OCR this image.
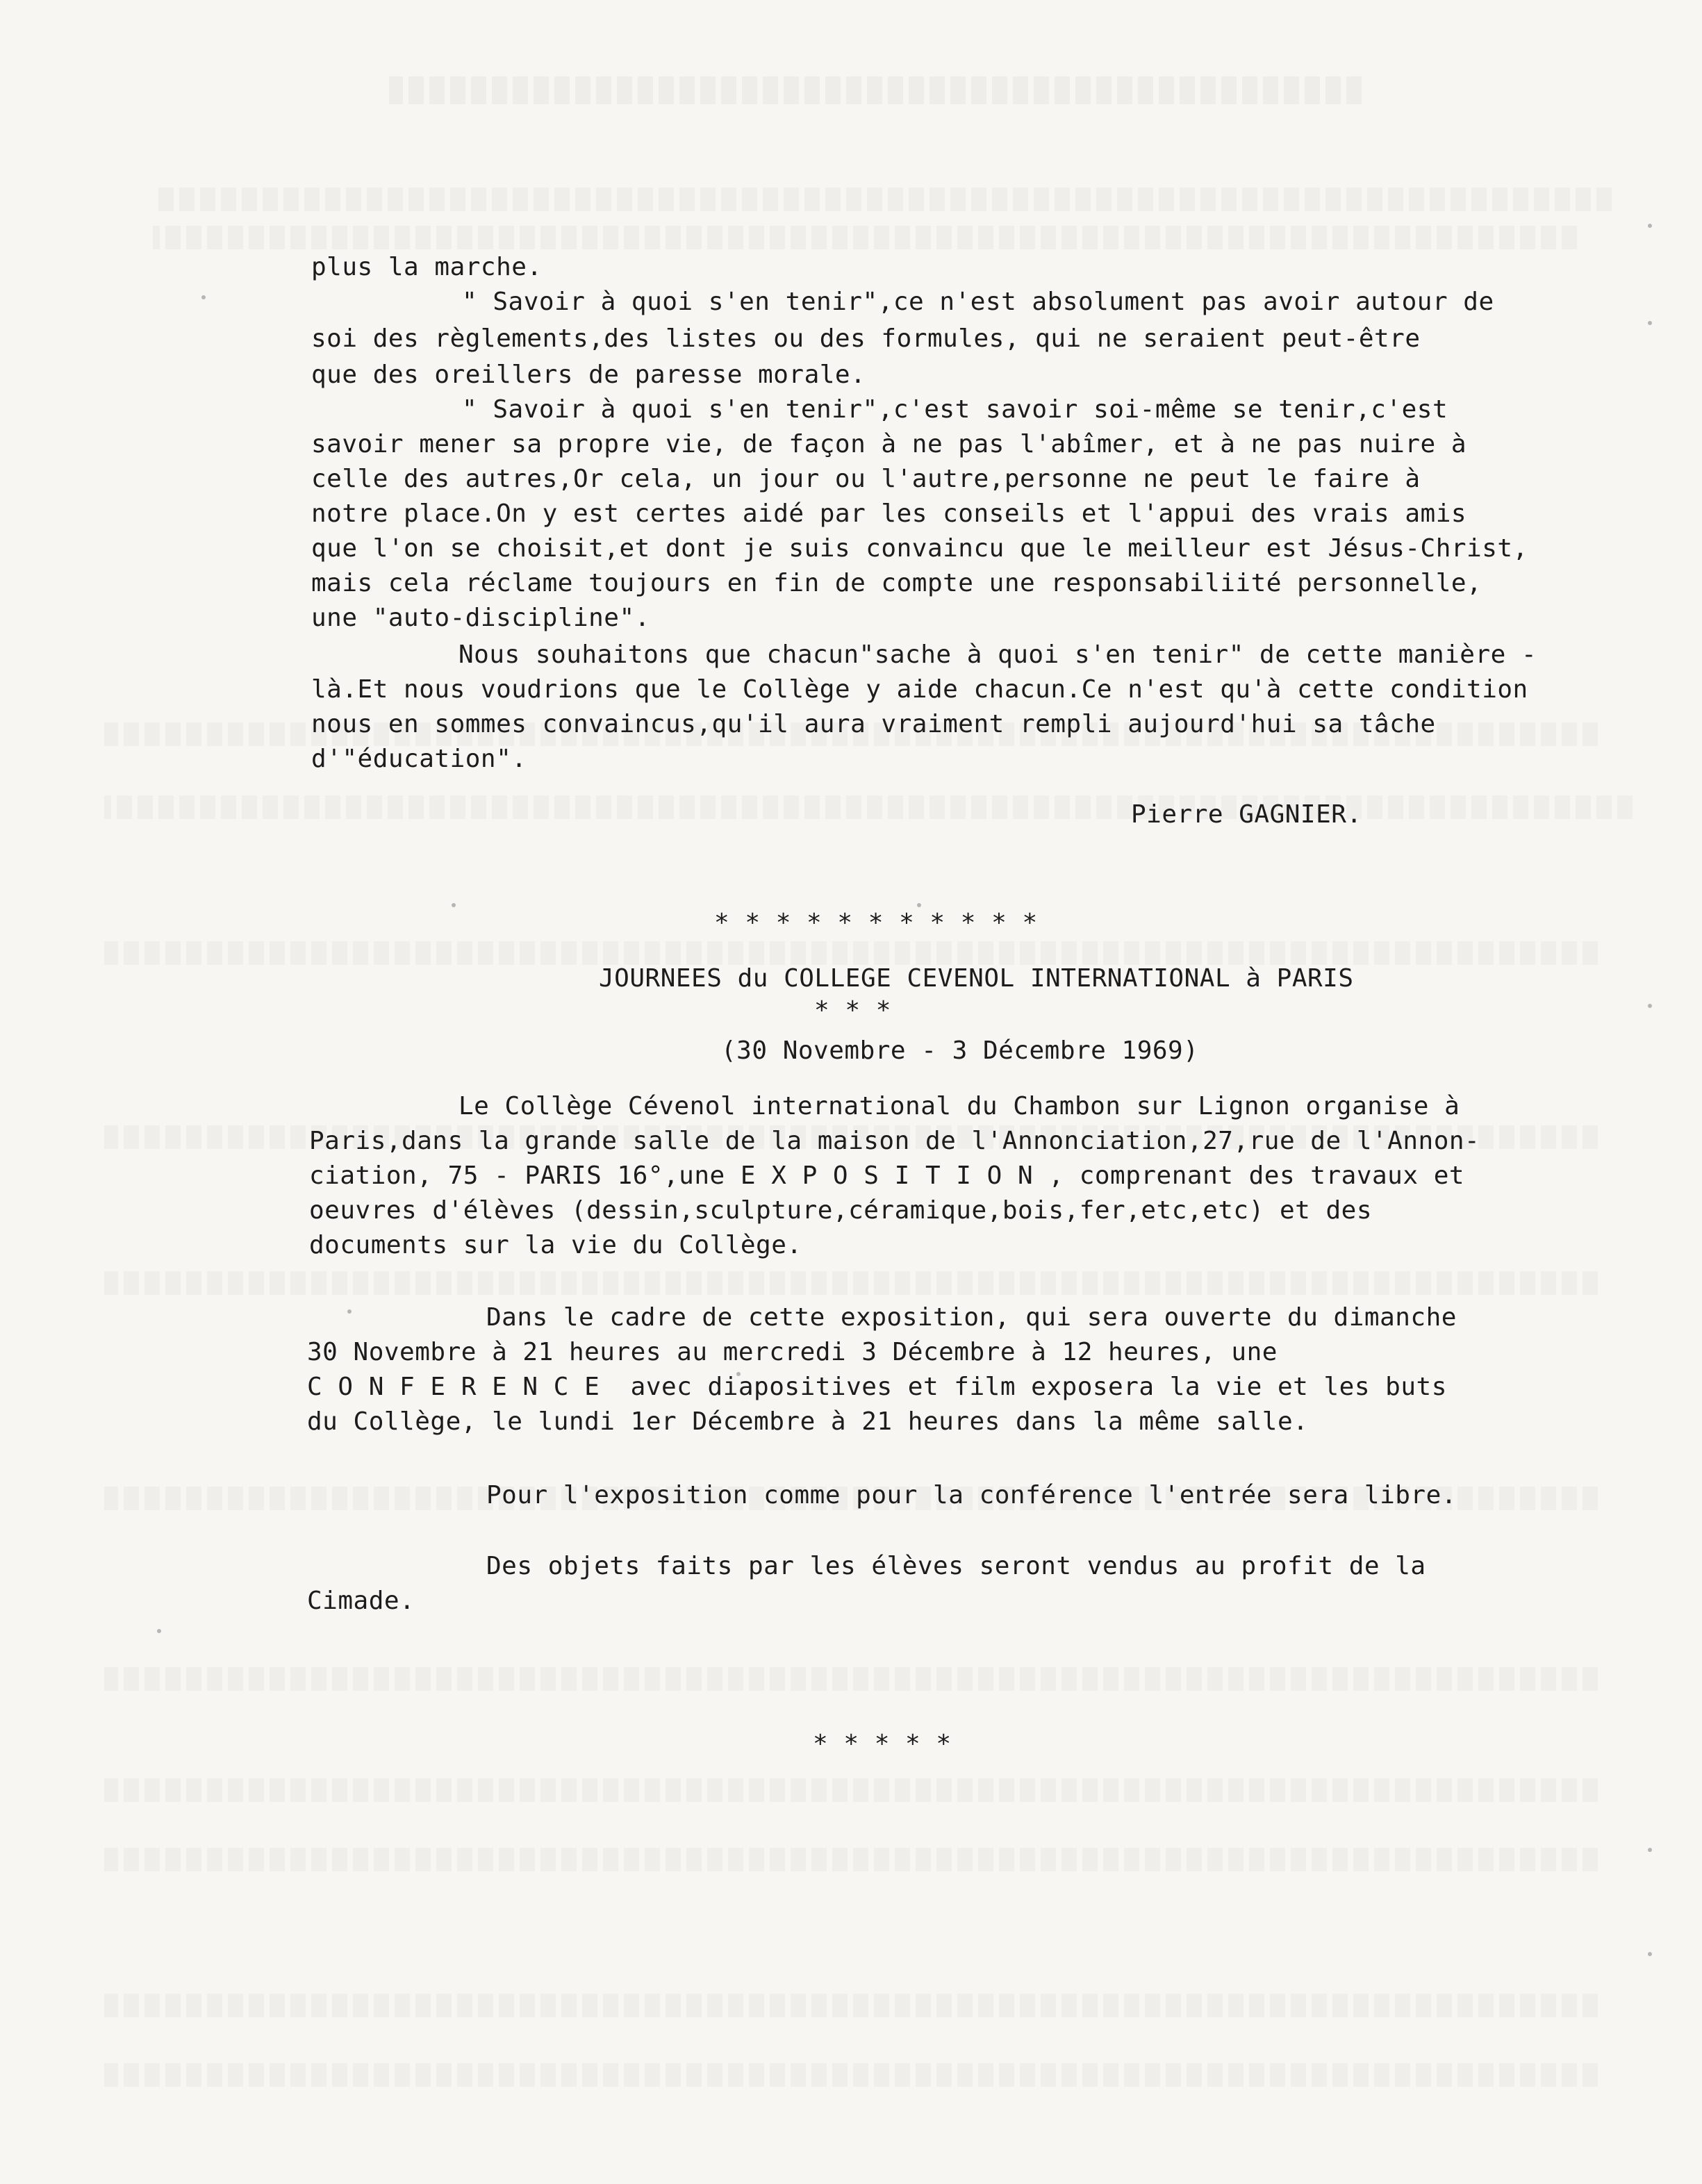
plus la marche.
" Savoir à quoi s'en tenir",ce n'est absolument pas avoir autour de
soi des règlements,des listes ou des formules, qui ne seraient peut-être
que des oreillers de paresse morale.
" Savoir à quoi s'en tenir",c'est savoir soi-même se tenir,c'est
savoir mener sa propre vie, de façon à ne pas l'abîmer, et à ne pas nuire à
celle des autres,Or cela, un jour ou l'autre,personne ne peut le faire à
notre place.On y est certes aidé par les conseils et l'appui des vrais amis
que l'on se choisit,et dont je suis convaincu que le meilleur est Jésus-Christ,
mais cela réclame toujours en fin de compte une responsabiliité personnelle,
une "auto-discipline".
Nous souhaitons que chacun"sache à quoi s'en tenir" de cette manière -
là.Et nous voudrions que le Collège y aide chacun.Ce n'est qu'à cette condition
nous en sommes convaincus,qu'il aura vraiment rempli aujourd'hui sa tâche
d'"éducation".
Pierre GAGNIER.
* * * * * * * * * * *
JOURNEES du COLLEGE CEVENOL INTERNATIONAL à PARIS
* * *
(30 Novembre - 3 Décembre 1969)
Le Collège Cévenol international du Chambon sur Lignon organise à
Paris,dans la grande salle de la maison de l'Annonciation,27,rue de l'Annon-
ciation, 75 - PARIS 16°,une E X P O S I T I O N , comprenant des travaux et
oeuvres d'élèves (dessin,sculpture,céramique,bois,fer,etc,etc) et des
documents sur la vie du Collège.
Dans le cadre de cette exposition, qui sera ouverte du dimanche
30 Novembre à 21 heures au mercredi 3 Décembre à 12 heures, une
C O N F E R E N C E  avec diapositives et film exposera la vie et les buts
du Collège, le lundi 1er Décembre à 21 heures dans la même salle.
Pour l'exposition comme pour la conférence l'entrée sera libre.
Des objets faits par les élèves seront vendus au profit de la
Cimade.
* * * * *
